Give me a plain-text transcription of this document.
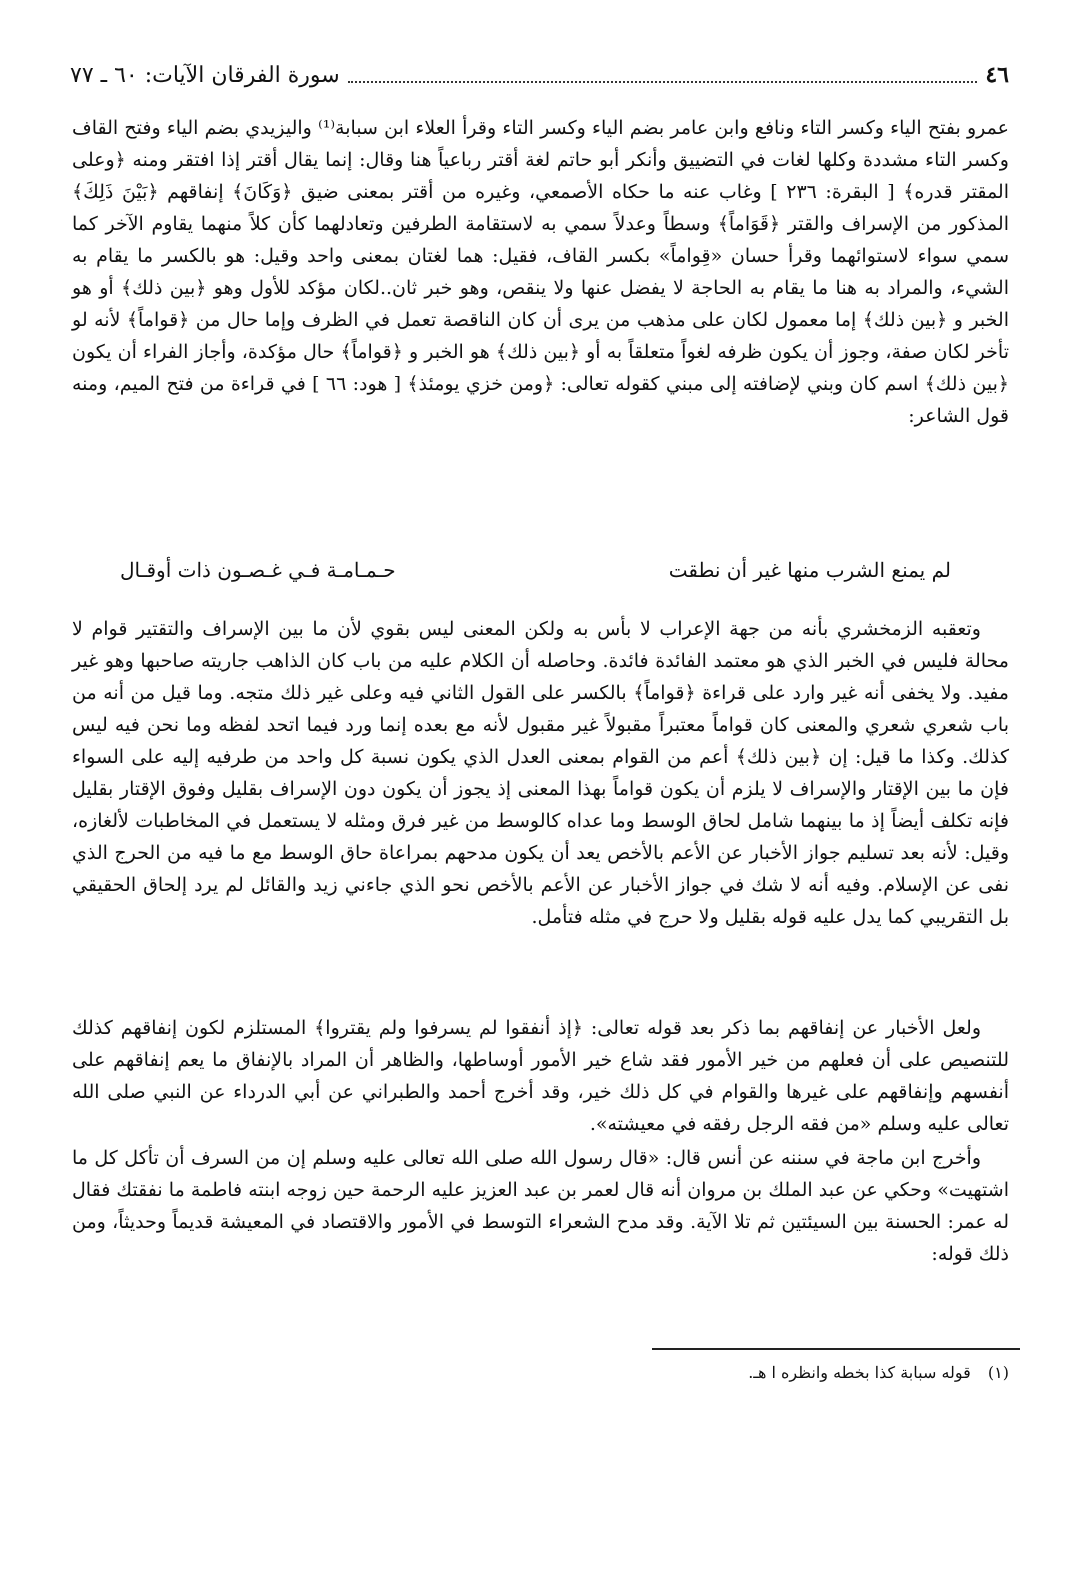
٤٦
سورة الفرقان الآيات: ٦٠ ـ ٧٧

عمرو بفتح الياء وكسر التاء ونافع وابن عامر بضم الياء وكسر التاء وقرأ العلاء ابن سبابة⁽¹⁾ واليزيدي بضم الياء وفتح القاف وكسر التاء مشددة وكلها لغات في التضييق وأنكر أبو حاتم لغة أقتر رباعياً هنا وقال: إنما يقال أقتر إذا افتقر ومنه ﴿وعلى المقتر قدره﴾ [ البقرة: ٢٣٦ ] وغاب عنه ما حكاه الأصمعي، وغيره من أقتر بمعنى ضيق ﴿وَكَانَ﴾ إنفاقهم ﴿بَيْنَ ذَلِكَ﴾ المذكور من الإسراف والقتر ﴿قَوَاماً﴾ وسطاً وعدلاً سمي به لاستقامة الطرفين وتعادلهما كأن كلاً منهما يقاوم الآخر كما سمي سواء لاستوائهما وقرأ حسان «قِواماً» بكسر القاف، فقيل: هما لغتان بمعنى واحد وقيل: هو بالكسر ما يقام به الشيء، والمراد به هنا ما يقام به الحاجة لا يفضل عنها ولا ينقص، وهو خبر ثان..لكان مؤكد للأول وهو ﴿بين ذلك﴾ أو هو الخبر و ﴿بين ذلك﴾ إما معمول لكان على مذهب من يرى أن كان الناقصة تعمل في الظرف وإما حال من ﴿قواماً﴾ لأنه لو تأخر لكان صفة، وجوز أن يكون ظرفه لغواً متعلقاً به أو ﴿بين ذلك﴾ هو الخبر و ﴿قواماً﴾ حال مؤكدة، وأجاز الفراء أن يكون ﴿بين ذلك﴾ اسم كان وبني لإضافته إلى مبني كقوله تعالى: ﴿ومن خزي يومئذ﴾ [ هود: ٦٦ ] في قراءة من فتح الميم، ومنه قول الشاعر:

لم يمنع الشرب منها غير أن نطقت
حـمـامـة فـي غـصـون ذات أوقـال

وتعقبه الزمخشري بأنه من جهة الإعراب لا بأس به ولكن المعنى ليس بقوي لأن ما بين الإسراف والتقتير قوام لا محالة فليس في الخبر الذي هو معتمد الفائدة فائدة. وحاصله أن الكلام عليه من باب كان الذاهب جاريته صاحبها وهو غير مفيد. ولا يخفى أنه غير وارد على قراءة ﴿قواماً﴾ بالكسر على القول الثاني فيه وعلى غير ذلك متجه. وما قيل من أنه من باب شعري شعري والمعنى كان قواماً معتبراً مقبولاً غير مقبول لأنه مع بعده إنما ورد فيما اتحد لفظه وما نحن فيه ليس كذلك. وكذا ما قيل: إن ﴿بين ذلك﴾ أعم من القوام بمعنى العدل الذي يكون نسبة كل واحد من طرفيه إليه على السواء فإن ما بين الإقتار والإسراف لا يلزم أن يكون قواماً بهذا المعنى إذ يجوز أن يكون دون الإسراف بقليل وفوق الإقتار بقليل فإنه تكلف أيضاً إذ ما بينهما شامل لحاق الوسط وما عداه كالوسط من غير فرق ومثله لا يستعمل في المخاطبات لألغازه، وقيل: لأنه بعد تسليم جواز الأخبار عن الأعم بالأخص يعد أن يكون مدحهم بمراعاة حاق الوسط مع ما فيه من الحرج الذي نفى عن الإسلام. وفيه أنه لا شك في جواز الأخبار عن الأعم بالأخص نحو الذي جاءني زيد والقائل لم يرد إلحاق الحقيقي بل التقريبي كما يدل عليه قوله بقليل ولا حرج في مثله فتأمل.

ولعل الأخبار عن إنفاقهم بما ذكر بعد قوله تعالى: ﴿إذ أنفقوا لم يسرفوا ولم يقتروا﴾ المستلزم لكون إنفاقهم كذلك للتنصيص على أن فعلهم من خير الأمور فقد شاع خير الأمور أوساطها، والظاهر أن المراد بالإنفاق ما يعم إنفاقهم على أنفسهم وإنفاقهم على غيرها والقوام في كل ذلك خير، وقد أخرج أحمد والطبراني عن أبي الدرداء عن النبي صلى الله تعالى عليه وسلم «من فقه الرجل رفقه في معيشته».

وأخرج ابن ماجة في سننه عن أنس قال: «قال رسول الله صلى الله تعالى عليه وسلم إن من السرف أن تأكل كل ما اشتهيت» وحكي عن عبد الملك بن مروان أنه قال لعمر بن عبد العزيز عليه الرحمة حين زوجه ابنته فاطمة ما نفقتك فقال له عمر: الحسنة بين السيئتين ثم تلا الآية. وقد مدح الشعراء التوسط في الأمور والاقتصاد في المعيشة قديماً وحديثاً، ومن ذلك قوله:

(١) قوله سبابة كذا بخطه وانظره ا هـ.
